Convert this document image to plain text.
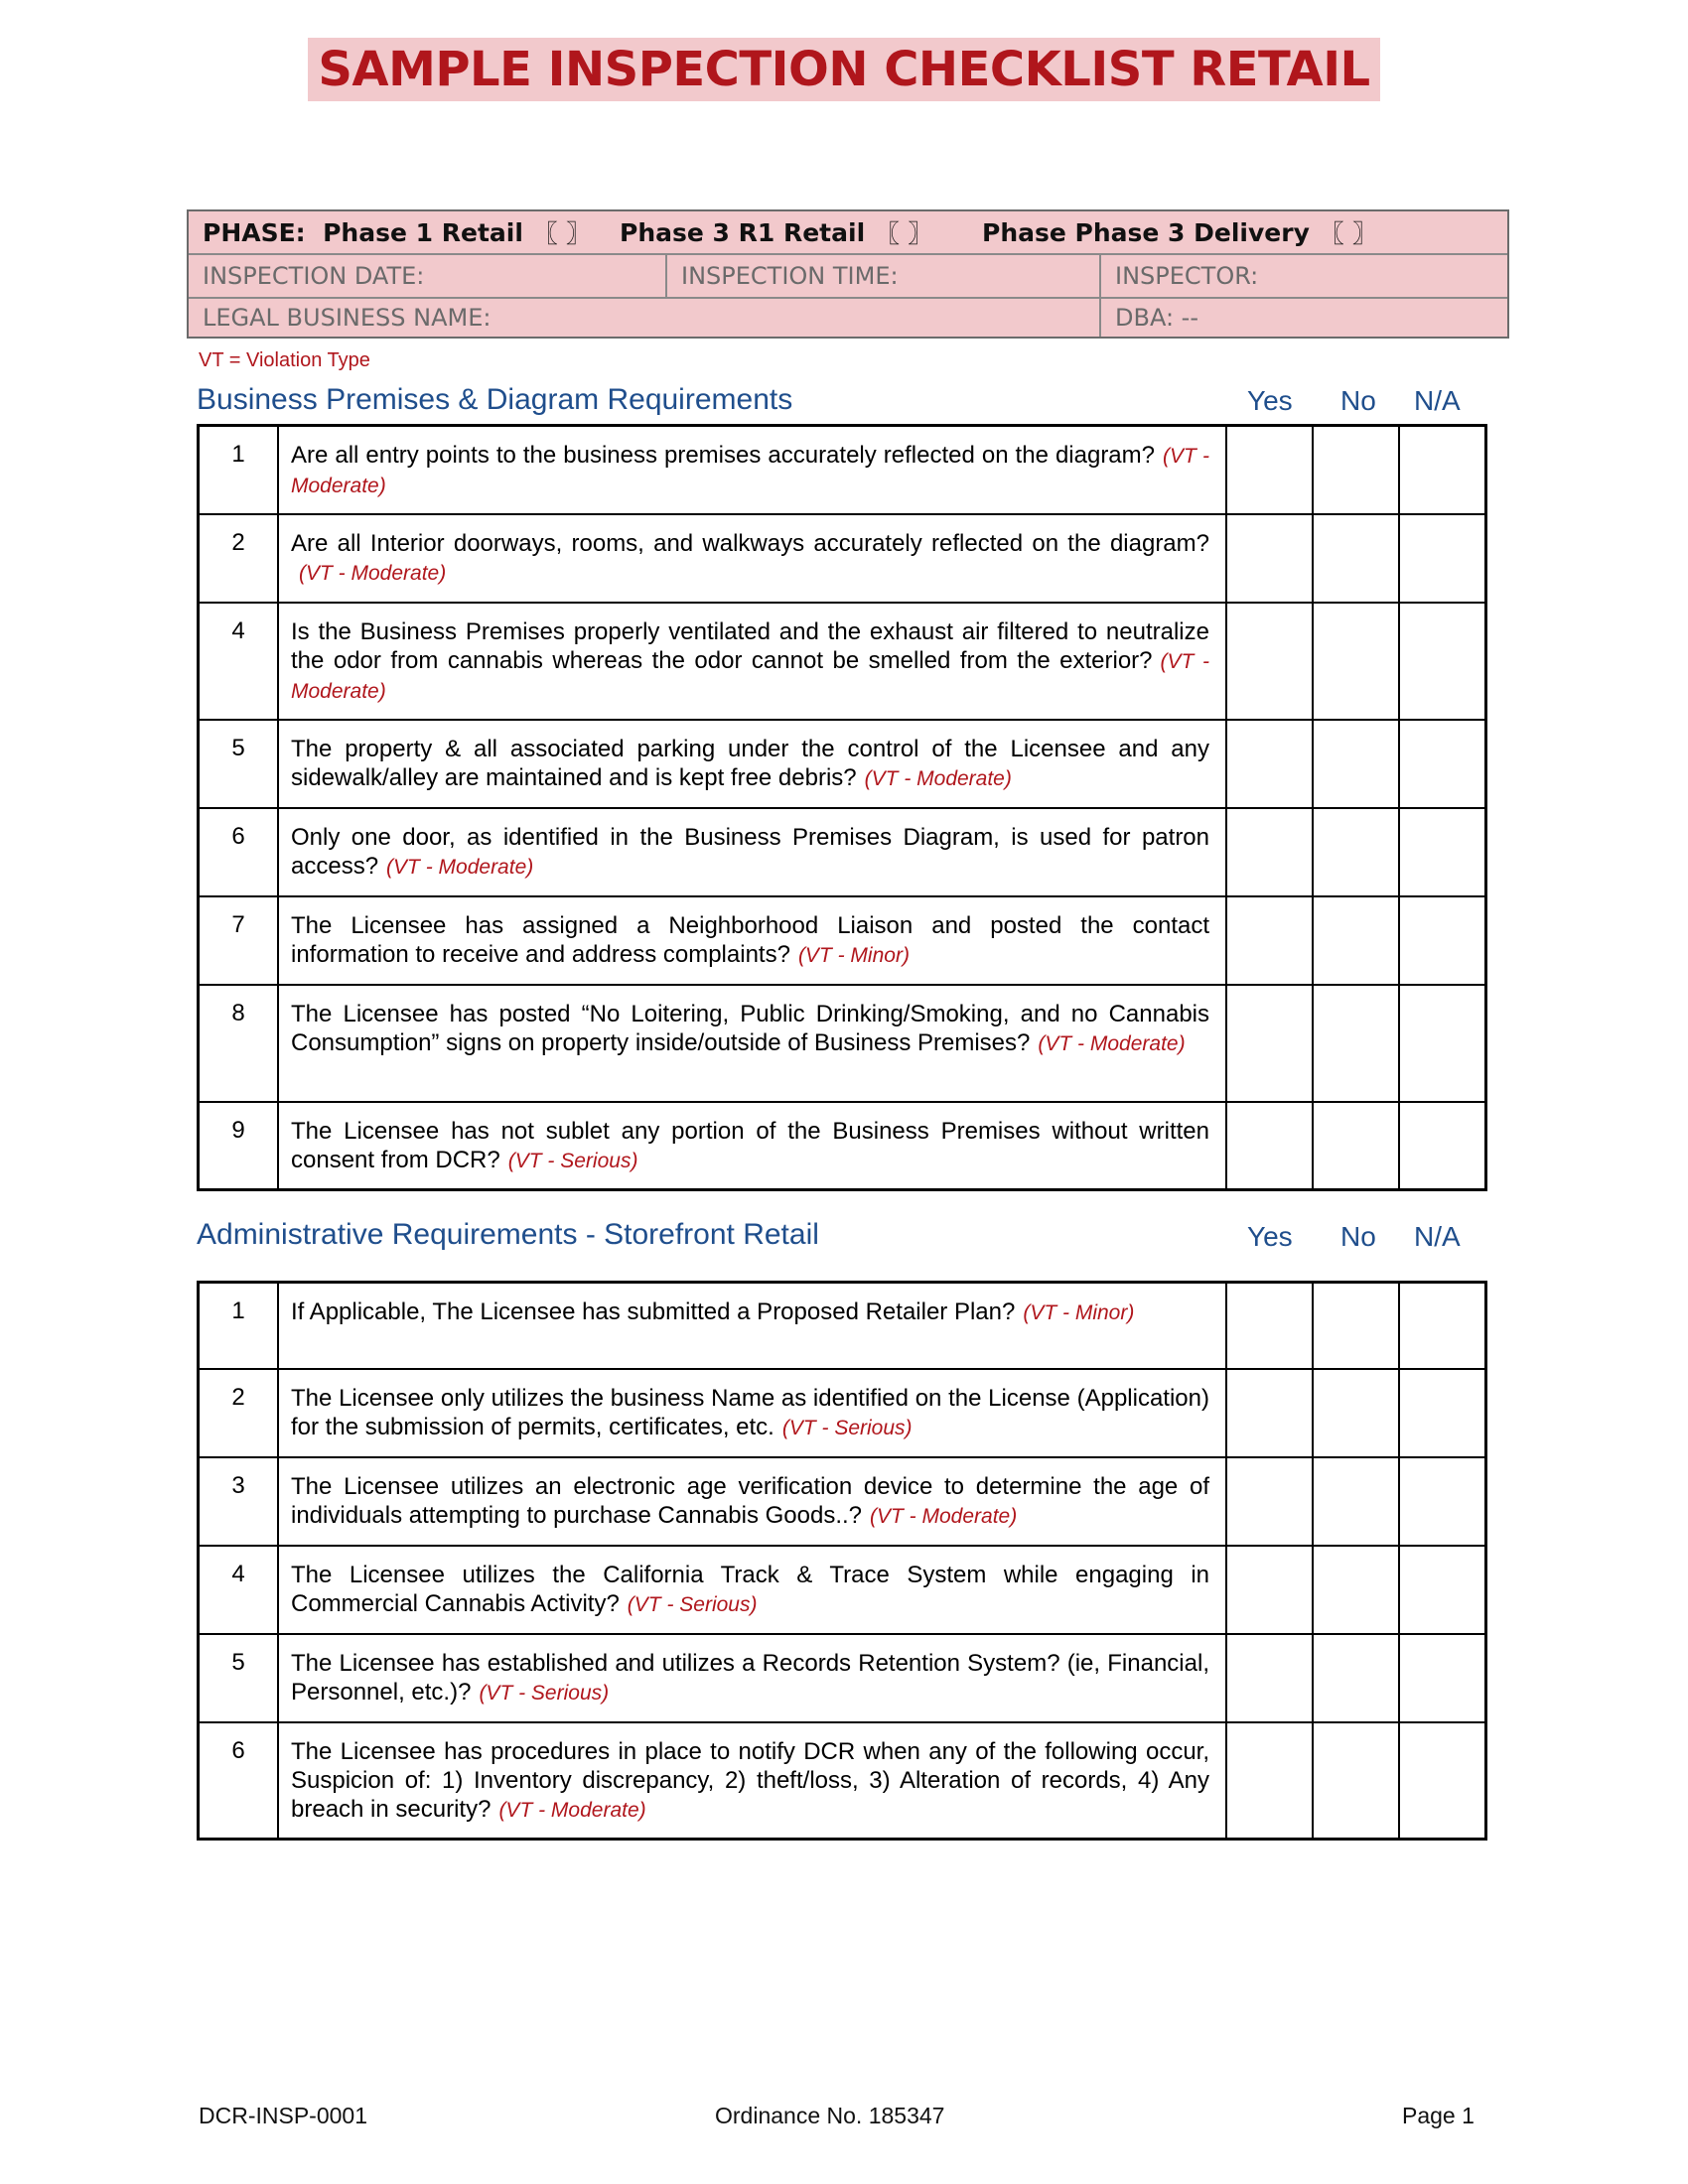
SAMPLE INSPECTION CHECKLIST RETAIL
PHASE:
Phase 1 Retail 〖 〗 Phase 3 R1 Retail 〖 〗 Phase Phase 3 Delivery 〖 〗
INSPECTION DATE:	INSPECTION TIME:	INSPECTOR:
LEGAL BUSINESS NAME:	DBA: --
VT = Violation Type
Business Premises & Diagram Requirements	Yes No N/A
1	Are all entry points to the business premises accurately reflected on the diagram? (VT - Moderate)			
2	Are all Interior doorways, rooms, and walkways accurately reflected on the diagram?(VT - Moderate)			
4	Is the Business Premises properly ventilated and the exhaust air filtered to neutralize the odor from cannabis whereas the odor cannot be smelled from the exterior? (VT - Moderate)			
5	The property & all associated parking under the control of the Licensee and any sidewalk/alley are maintained and is kept free debris? (VT - Moderate)			
6	Only one door, as identified in the Business Premises Diagram, is used for patron access? (VT - Moderate)			
7	The Licensee has assigned a Neighborhood Liaison and posted the contact information to receive and address complaints? (VT - Minor)			
8	The Licensee has posted “No Loitering, Public Drinking/Smoking, and no Cannabis Consumption” signs on property inside/outside of Business Premises? (VT - Moderate)			
9	The Licensee has not sublet any portion of the Business Premises without written consent from DCR? (VT - Serious)			
Administrative Requirements - Storefront Retail	Yes No N/A
1	If Applicable, The Licensee has submitted a Proposed Retailer Plan? (VT - Minor)			
2	The Licensee only utilizes the business Name as identified on the License (Application) for the submission of permits, certificates, etc. (VT - Serious)			
3	The Licensee utilizes an electronic age verification device to determine the age of individuals attempting to purchase Cannabis Goods..? (VT - Moderate)			
4	The Licensee utilizes the California Track & Trace System while engaging in Commercial Cannabis Activity? (VT - Serious)			
5	The Licensee has established and utilizes a Records Retention System? (ie, Financial, Personnel, etc.)? (VT - Serious)			
6	The Licensee has procedures in place to notify DCR when any of the following occur, Suspicion of: 1) Inventory discrepancy, 2) theft/loss, 3) Alteration of records, 4) Any breach in security? (VT - Moderate)			
DCR-INSP-0001	Ordinance No. 185347	Page 1
